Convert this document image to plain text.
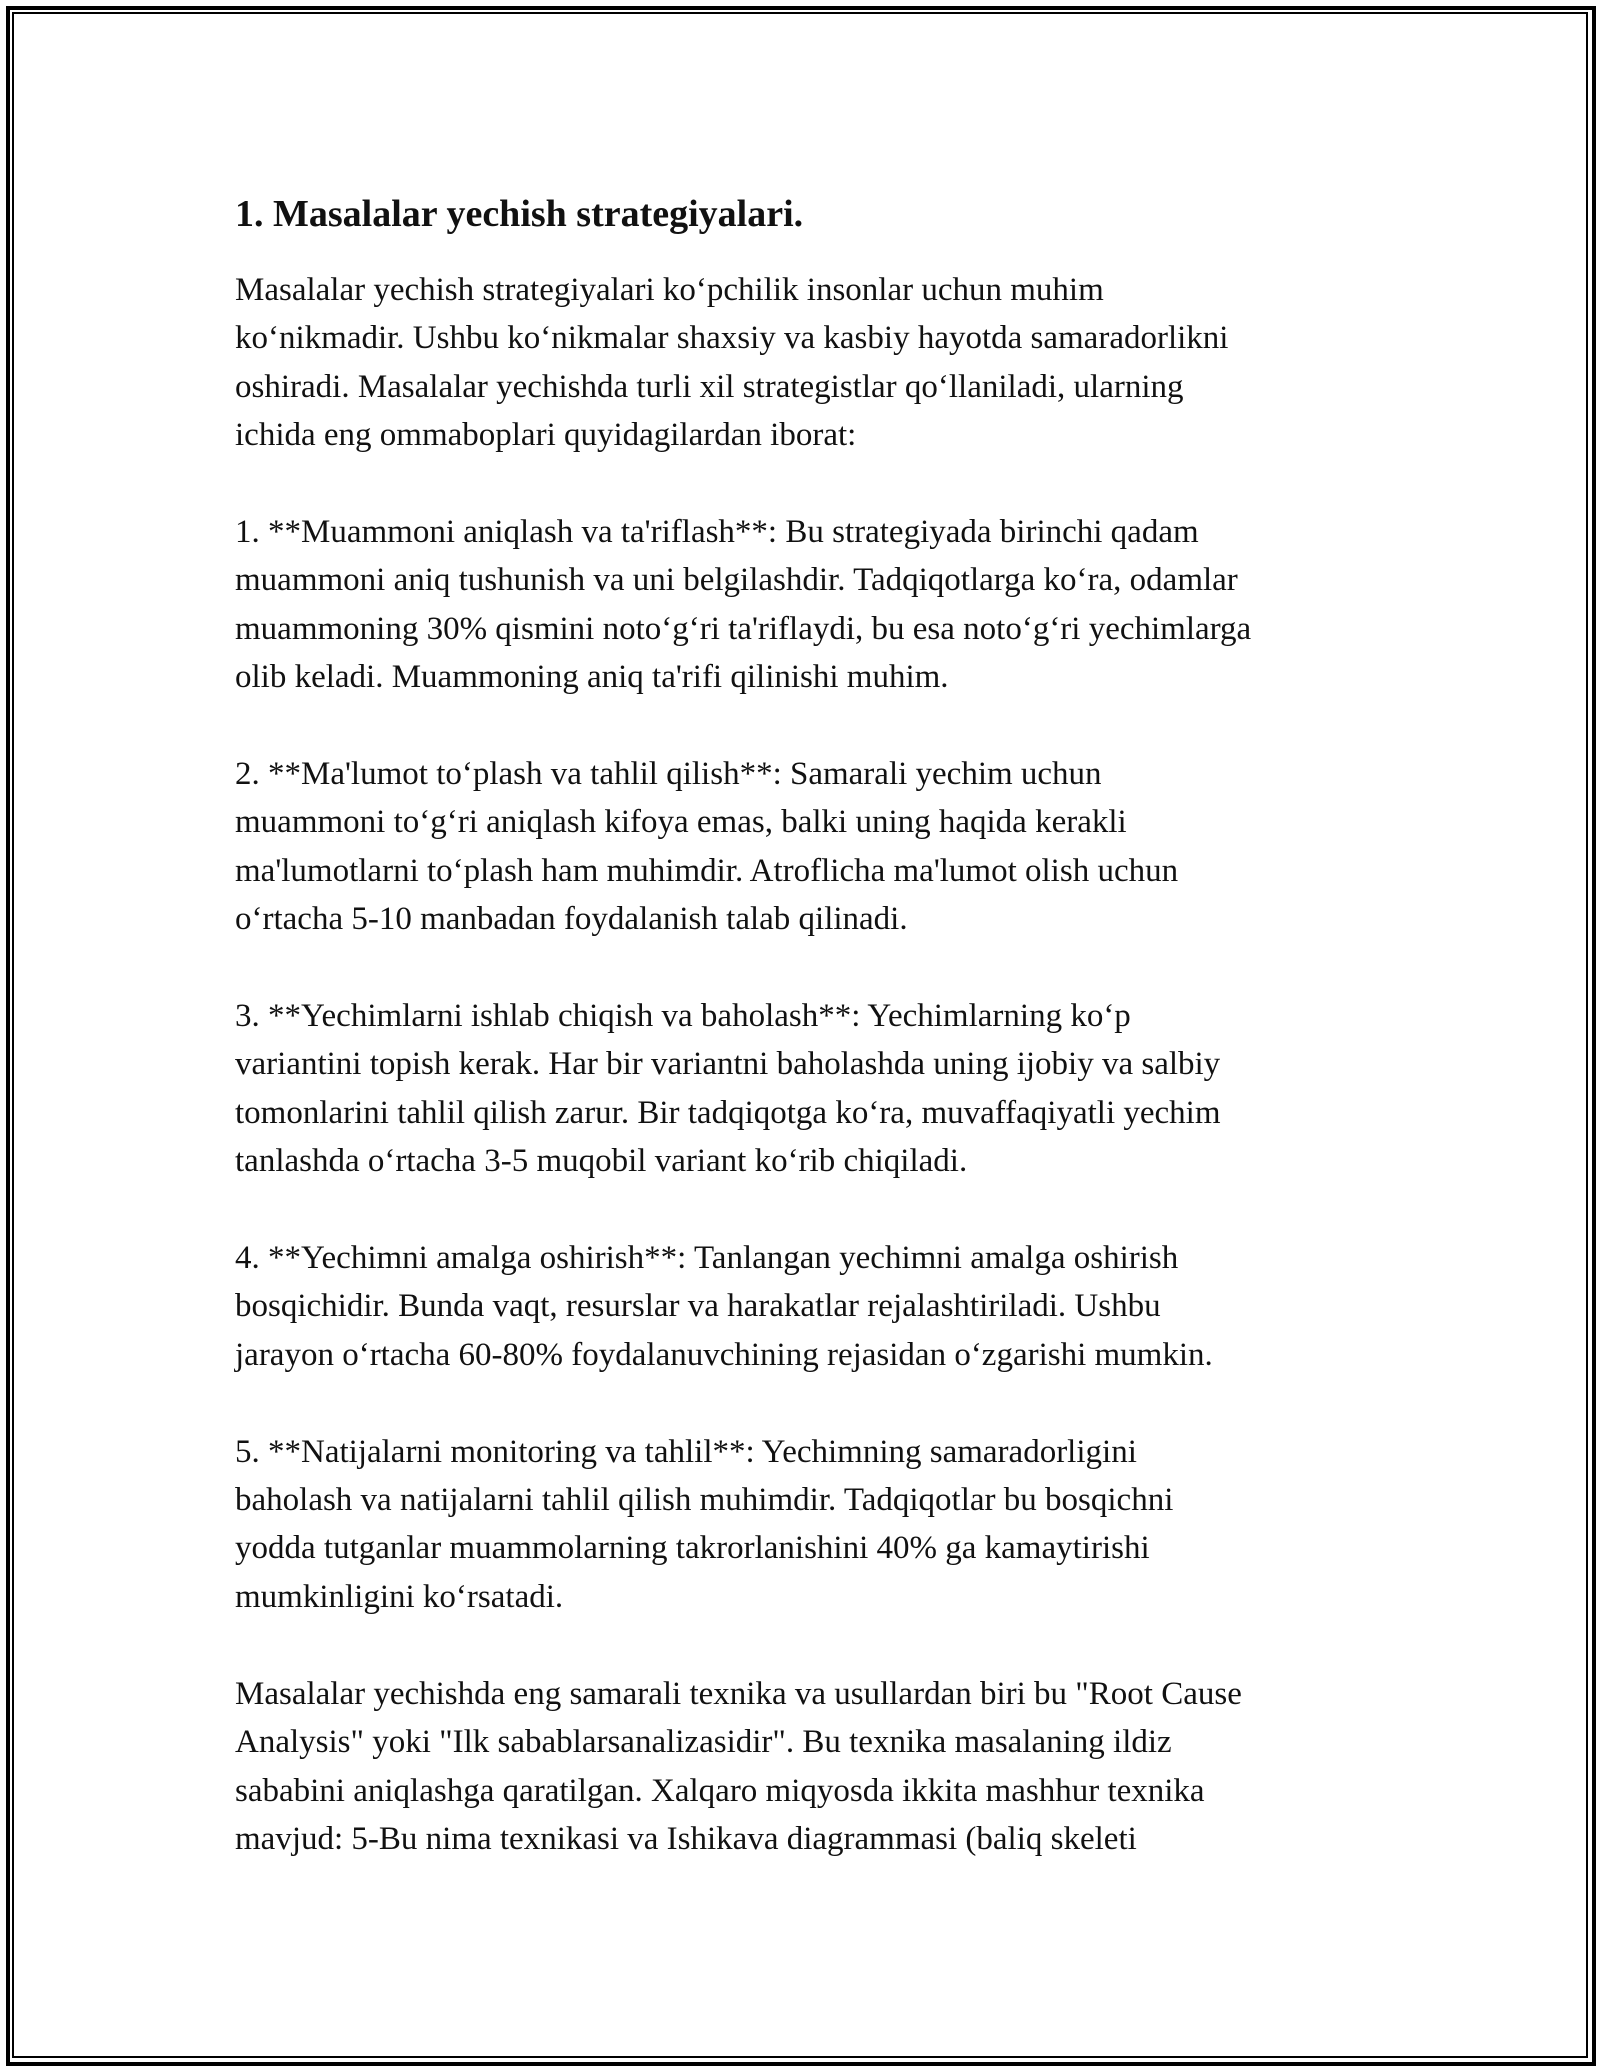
1. Masalalar yechish strategiyalari.
Masalalar yechish strategiyalari ko‘pchilik insonlar uchun muhim
ko‘nikmadir. Ushbu ko‘nikmalar shaxsiy va kasbiy hayotda samaradorlikni
oshiradi. Masalalar yechishda turli xil strategistlar qo‘llaniladi, ularning
ichida eng ommaboplari quyidagilardan iborat:
1. **Muammoni aniqlash va ta'riflash**: Bu strategiyada birinchi qadam
muammoni aniq tushunish va uni belgilashdir. Tadqiqotlarga ko‘ra, odamlar
muammoning 30% qismini noto‘g‘ri ta'riflaydi, bu esa noto‘g‘ri yechimlarga
olib keladi. Muammoning aniq ta'rifi qilinishi muhim.
2. **Ma'lumot to‘plash va tahlil qilish**: Samarali yechim uchun
muammoni to‘g‘ri aniqlash kifoya emas, balki uning haqida kerakli
ma'lumotlarni to‘plash ham muhimdir. Atroflicha ma'lumot olish uchun
o‘rtacha 5-10 manbadan foydalanish talab qilinadi.
3. **Yechimlarni ishlab chiqish va baholash**: Yechimlarning ko‘p
variantini topish kerak. Har bir variantni baholashda uning ijobiy va salbiy
tomonlarini tahlil qilish zarur. Bir tadqiqotga ko‘ra, muvaffaqiyatli yechim
tanlashda o‘rtacha 3-5 muqobil variant ko‘rib chiqiladi.
4. **Yechimni amalga oshirish**: Tanlangan yechimni amalga oshirish
bosqichidir. Bunda vaqt, resurslar va harakatlar rejalashtiriladi. Ushbu
jarayon o‘rtacha 60-80% foydalanuvchining rejasidan o‘zgarishi mumkin.
5. **Natijalarni monitoring va tahlil**: Yechimning samaradorligini
baholash va natijalarni tahlil qilish muhimdir. Tadqiqotlar bu bosqichni
yodda tutganlar muammolarning takrorlanishini 40% ga kamaytirishi
mumkinligini ko‘rsatadi.
Masalalar yechishda eng samarali texnika va usullardan biri bu "Root Cause
Analysis" yoki "Ilk sabablarsanalizasidir". Bu texnika masalaning ildiz
sababini aniqlashga qaratilgan. Xalqaro miqyosda ikkita mashhur texnika
mavjud: 5-Bu nima texnikasi va Ishikava diagrammasi (baliq skeleti
